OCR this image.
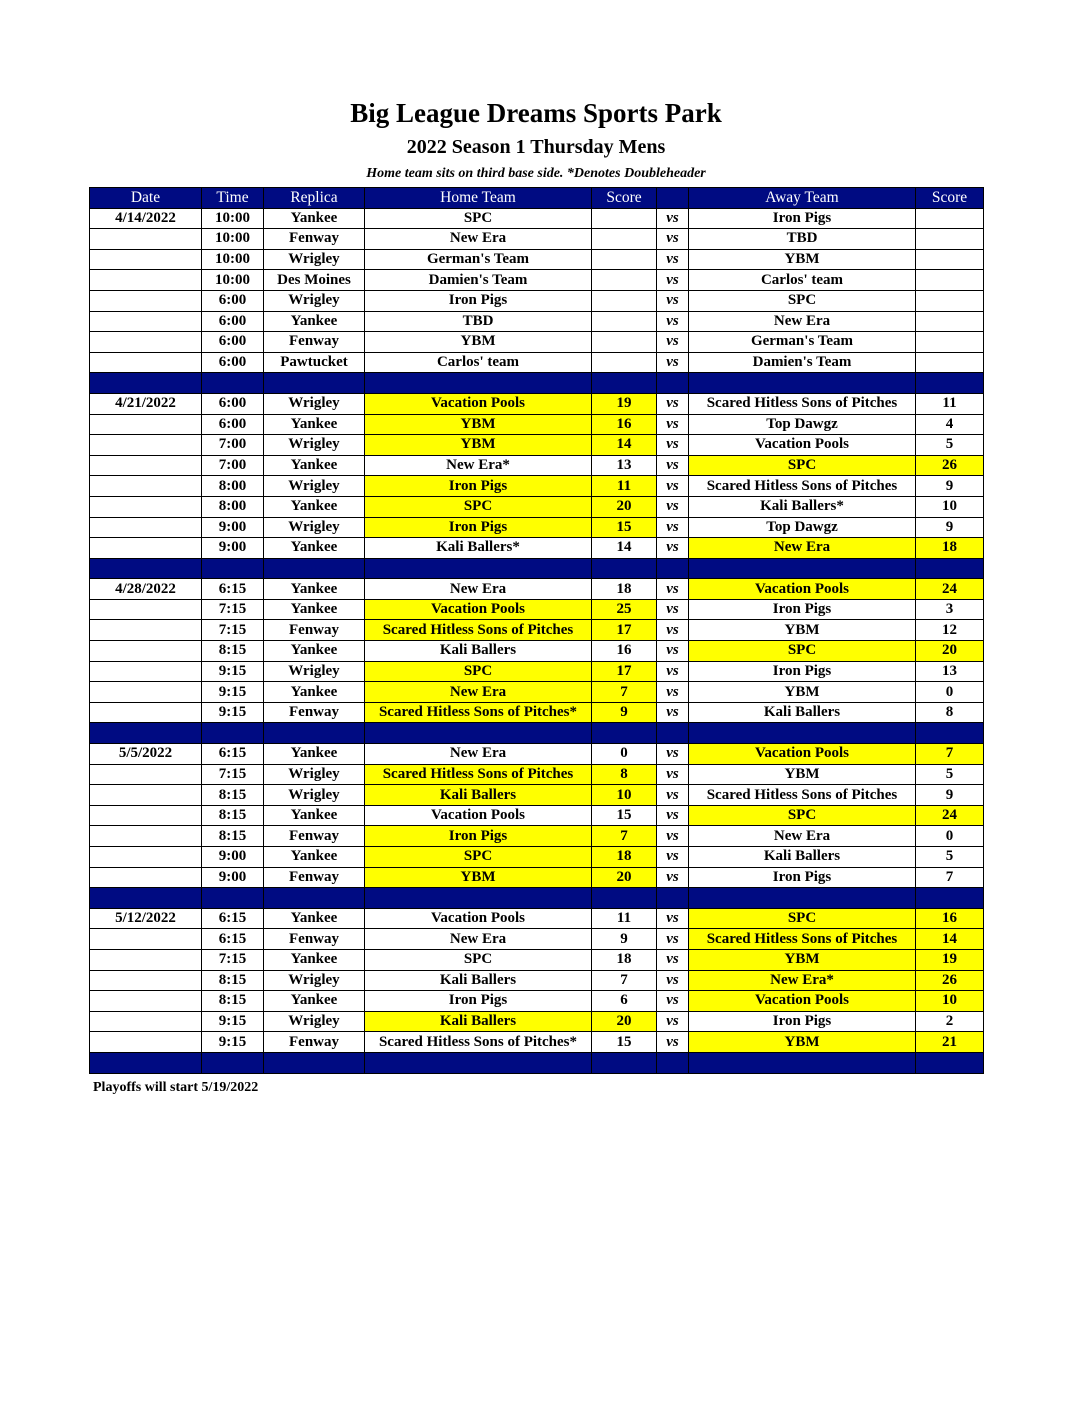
Big League Dreams Sports Park
2022 Season 1 Thursday Mens
Home team sits on third base side. *Denotes Doubleheader
Date	Time	Replica	Home Team	Score		Away Team	Score
4/14/2022	10:00	Yankee	SPC		vs	Iron Pigs	
	10:00	Fenway	New Era		vs	TBD	
	10:00	Wrigley	German's Team		vs	YBM	
	10:00	Des Moines	Damien's Team		vs	Carlos' team	
	6:00	Wrigley	Iron Pigs		vs	SPC	
	6:00	Yankee	TBD		vs	New Era	
	6:00	Fenway	YBM		vs	German's Team	
	6:00	Pawtucket	Carlos' team		vs	Damien's Team	

4/21/2022	6:00	Wrigley	Vacation Pools	19	vs	Scared Hitless Sons of Pitches	11
	6:00	Yankee	YBM	16	vs	Top Dawgz	4
	7:00	Wrigley	YBM	14	vs	Vacation Pools	5
	7:00	Yankee	New Era*	13	vs	SPC	26
	8:00	Wrigley	Iron Pigs	11	vs	Scared Hitless Sons of Pitches	9
	8:00	Yankee	SPC	20	vs	Kali Ballers*	10
	9:00	Wrigley	Iron Pigs	15	vs	Top Dawgz	9
	9:00	Yankee	Kali Ballers*	14	vs	New Era	18

4/28/2022	6:15	Yankee	New Era	18	vs	Vacation Pools	24
	7:15	Yankee	Vacation Pools	25	vs	Iron Pigs	3
	7:15	Fenway	Scared Hitless Sons of Pitches	17	vs	YBM	12
	8:15	Yankee	Kali Ballers	16	vs	SPC	20
	9:15	Wrigley	SPC	17	vs	Iron Pigs	13
	9:15	Yankee	New Era	7	vs	YBM	0
	9:15	Fenway	Scared Hitless Sons of Pitches*	9	vs	Kali Ballers	8

5/5/2022	6:15	Yankee	New Era	0	vs	Vacation Pools	7
	7:15	Wrigley	Scared Hitless Sons of Pitches	8	vs	YBM	5
	8:15	Wrigley	Kali Ballers	10	vs	Scared Hitless Sons of Pitches	9
	8:15	Yankee	Vacation Pools	15	vs	SPC	24
	8:15	Fenway	Iron Pigs	7	vs	New Era	0
	9:00	Yankee	SPC	18	vs	Kali Ballers	5
	9:00	Fenway	YBM	20	vs	Iron Pigs	7

5/12/2022	6:15	Yankee	Vacation Pools	11	vs	SPC	16
	6:15	Fenway	New Era	9	vs	Scared Hitless Sons of Pitches	14
	7:15	Yankee	SPC	18	vs	YBM	19
	8:15	Wrigley	Kali Ballers	7	vs	New Era*	26
	8:15	Yankee	Iron Pigs	6	vs	Vacation Pools	10
	9:15	Wrigley	Kali Ballers	20	vs	Iron Pigs	2
	9:15	Fenway	Scared Hitless Sons of Pitches*	15	vs	YBM	21

Playoffs will start 5/19/2022
